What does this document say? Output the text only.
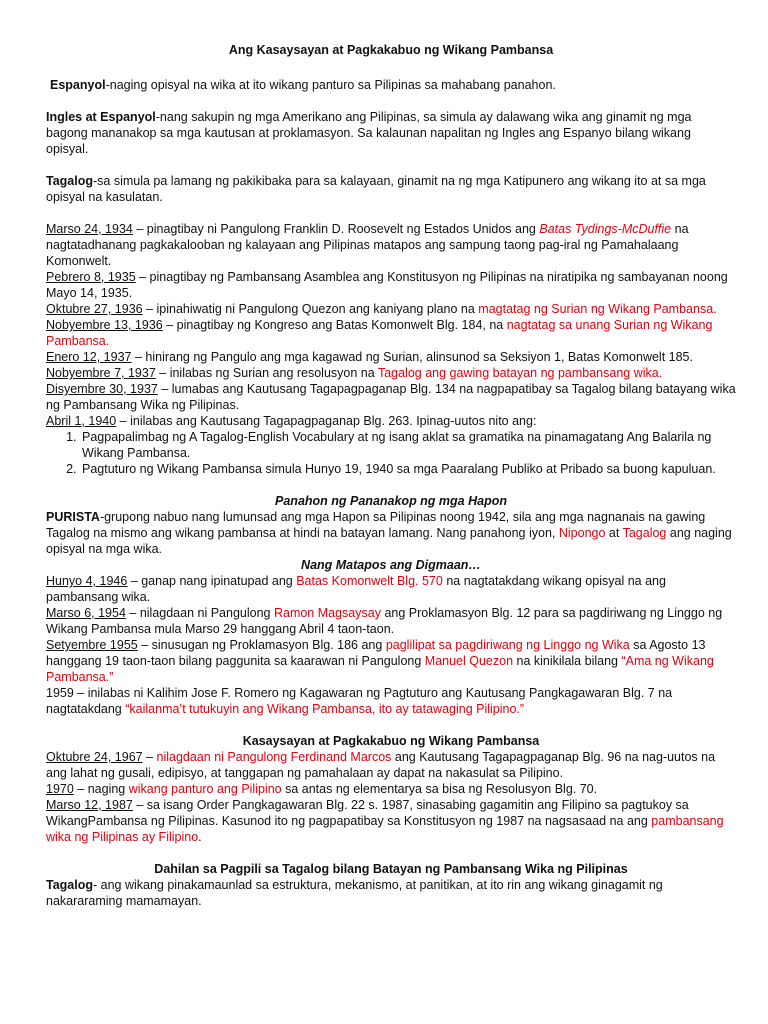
Ang Kasaysayan at Pagkakabuo ng Wikang Pambansa

Espanyol-naging opisyal na wika at ito wikang panturo sa Pilipinas sa mahabang panahon.

Ingles at Espanyol-nang sakupin ng mga Amerikano ang Pilipinas, sa simula ay dalawang wika ang ginamit ng mga bagong mananakop sa mga kautusan at proklamasyon. Sa kalaunan napalitan ng Ingles ang Espanyo bilang wikang opisyal.

Tagalog-sa simula pa lamang ng pakikibaka para sa kalayaan, ginamit na ng mga Katipunero ang wikang ito at sa mga opisyal na kasulatan.

Marso 24, 1934 – pinagtibay ni Pangulong Franklin D. Roosevelt ng Estados Unidos ang Batas Tydings-McDuffie na nagtatadhanang pagkakalooban ng kalayaan ang Pilipinas matapos ang sampung taong pag-iral ng Pamahalaang Komonwelt.

Pebrero 8, 1935 – pinagtibay ng Pambansang Asamblea ang Konstitusyon ng Pilipinas na niratipika ng sambayanan noong Mayo 14, 1935.

Oktubre 27, 1936 – ipinahiwatig ni Pangulong Quezon ang kaniyang plano na magtatag ng Surian ng Wikang Pambansa.

Nobyembre 13, 1936 – pinagtibay ng Kongreso ang Batas Komonwelt Blg. 184, na nagtatag sa unang Surian ng Wikang Pambansa.

Enero 12, 1937 – hinirang ng Pangulo ang mga kagawad ng Surian, alinsunod sa Seksiyon 1, Batas Komonwelt 185.

Nobyembre 7, 1937 – inilabas ng Surian ang resolusyon na Tagalog ang gawing batayan ng pambansang wika.

Disyembre 30, 1937 – lumabas ang Kautusang Tagapagpaganap Blg. 134 na nagpapatibay sa Tagalog bilang batayang wika ng Pambansang Wika ng Pilipinas.

Abril 1, 1940 – inilabas ang Kautusang Tagapagpaganap Blg. 263. Ipinag-uutos nito ang:

1. Pagpapalimbag ng A Tagalog-English Vocabulary at ng isang aklat sa gramatika na pinamagatang Ang Balarila ng Wikang Pambansa.
2. Pagtuturo ng Wikang Pambansa simula Hunyo 19, 1940 sa mga Paaralang Publiko at Pribado sa buong kapuluan.

Panahon ng Pananakop ng mga Hapon

PURISTA-grupong nabuo nang lumunsad ang mga Hapon sa Pilipinas noong 1942, sila ang mga nagnanais na gawing Tagalog na mismo ang wikang pambansa at hindi na batayan lamang. Nang panahong iyon, Nipongo at Tagalog ang naging opisyal na mga wika.

Nang Matapos ang Digmaan…

Hunyo 4, 1946 – ganap nang ipinatupad ang Batas Komonwelt Blg. 570 na nagtatakdang wikang opisyal na ang pambansang wika.

Marso 6, 1954 – nilagdaan ni Pangulong Ramon Magsaysay ang Proklamasyon Blg. 12 para sa pagdiriwang ng Linggo ng Wikang Pambansa mula Marso 29 hanggang Abril 4 taon-taon.

Setyembre 1955 – sinusugan ng Proklamasyon Blg. 186 ang paglilipat sa pagdiriwang ng Linggo ng Wika sa Agosto 13 hanggang 19 taon-taon bilang paggunita sa kaarawan ni Pangulong Manuel Quezon na kinikilala bilang “Ama ng Wikang Pambansa.”

1959 – inilabas ni Kalihim Jose F. Romero ng Kagawaran ng Pagtuturo ang Kautusang Pangkagawaran Blg. 7 na nagtatakdang “kailanma’t tutukuyin ang Wikang Pambansa, ito ay tatawaging Pilipino.”

Kasaysayan at Pagkakabuo ng Wikang Pambansa

Oktubre 24, 1967 – nilagdaan ni Pangulong Ferdinand Marcos ang Kautusang Tagapagpaganap Blg. 96 na nag-uutos na ang lahat ng gusali, edipisyo, at tanggapan ng pamahalaan ay dapat na nakasulat sa Pilipino.

1970 – naging wikang panturo ang Pilipino sa antas ng elementarya sa bisa ng Resolusyon Blg. 70.

Marso 12, 1987 – sa isang Order Pangkagawaran Blg. 22 s. 1987, sinasabing gagamitin ang Filipino sa pagtukoy sa WikangPambansa ng Pilipinas. Kasunod ito ng pagpapatibay sa Konstitusyon ng 1987 na nagsasaad na ang pambansang wika ng Pilipinas ay Filipino.

Dahilan sa Pagpili sa Tagalog bilang Batayan ng Pambansang Wika ng Pilipinas

Tagalog- ang wikang pinakamaunlad sa estruktura, mekanismo, at panitikan, at ito rin ang wikang ginagamit ng nakararaming mamamayan.
